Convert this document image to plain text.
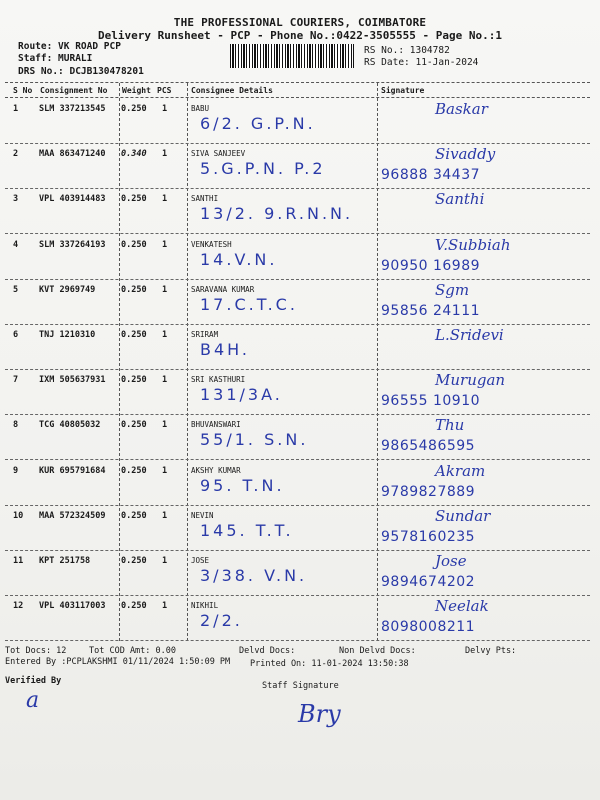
THE PROFESSIONAL COURIERS, COIMBATORE
Delivery Runsheet - PCP - Phone No.:0422-3505555 - Page No.:1
Route: VK ROAD PCP
Staff: MURALI
DRS No.: DCJB130478201
RS No.: 1304782
RS Date: 11-Jan-2024
S No Consignment No Weight PCS Consignee Details	Signature
1 SLM 337213545 0.250 1	BABU
6/2. G.P.N.
Baskar
2 MAA 863471240 0.340 1	SIVA SANJEEV
5.G.P.N. P.2
Sivaddy
96888 34437
3 VPL 403914483 0.250 1	SANTHI
13/2. 9.R.N.N.
Santhi
4 SLM 337264193 0.250 1	VENKATESH
14.V.N.
V.Subbiah
90950 16989
5 KVT 2969749	0.250 1	SARAVANA KUMAR
17.C.T.C.
Sgm
95856 24111
6 TNJ 1210310	0.250 1	SRIRAM
B4H.
L.Sridevi
7 IXM 505637931 0.250 1	SRI KASTHURI
131/3A.
Murugan
96555 10910
8 TCG 40805032 0.250 1	BHUVANSWARI
55/1. S.N.
Thu
9865486595
9 KUR 695791684 0.250 1	AKSHY KUMAR
95. T.N.
Akram
9789827889
10 MAA 572324509 0.250 1	NEVIN
145. T.T.
Sundar
9578160235
11 KPT 251758	0.250 1	JOSE
3/38. V.N.
Jose
9894674202
12 VPL 403117003 0.250 1	NIKHIL
2/2.
Neelak
8098008211
Tot Docs: 12	Tot COD Amt: 0.00	Delvd Docs:	Non Delvd Docs:	Delvy Pts:
Entered By :PCPLAKSHMI 01/11/2024 1:50:09 PM Printed On: 11-01-2024 13:50:38
Verified By	Staff Signature
a	Bry
